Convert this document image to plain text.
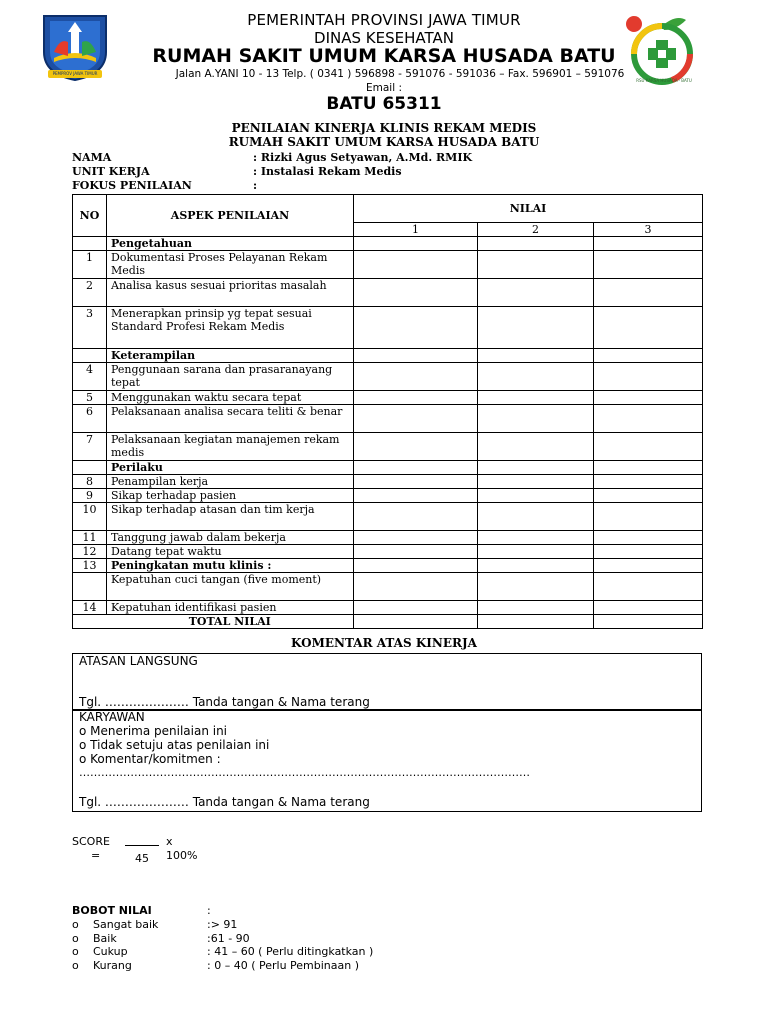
PEMPROV JAWA TIMUR
RSU KARSA HUSADA · BATU
PEMERINTAH PROVINSI JAWA TIMUR
DINAS KESEHATAN
RUMAH SAKIT UMUM KARSA HUSADA BATU
Jalan A.YANI 10 - 13 Telp. ( 0341 ) 596898 - 591076 - 591036 – Fax. 596901 – 591076
Email :
BATU 65311
PENILAIAN KINERJA KLINIS REKAM MEDIS
RUMAH SAKIT UMUM KARSA HUSADA BATU
NAMA	: Rizki Agus Setyawan, A.Md. RMIK
UNIT KERJA	: Instalasi Rekam Medis
FOKUS PENILAIAN	:
NO	ASPEK PENILAIAN	NILAI		
		1	2	3
	Pengetahuan			
1	Dokumentasi Proses Pelayanan Rekam Medis			
2	Analisa kasus sesuai prioritas masalah			
3	Menerapkan prinsip yg tepat sesuai Standard Profesi Rekam Medis			
	Keterampilan			
4	Penggunaan sarana dan prasaranayang tepat			
5	Menggunakan waktu secara tepat			
6	Pelaksanaan analisa secara teliti & benar			
7	Pelaksanaan kegiatan manajemen rekam medis			
	Perilaku			
8	Penampilan kerja			
9	Sikap terhadap pasien			
10	Sikap terhadap atasan dan tim kerja			
11	Tanggung jawab dalam bekerja			
12	Datang tepat waktu			
13	Peningkatan mutu klinis :			
	Kepatuhan cuci tangan (five moment)			
14	Kepatuhan identifikasi pasien			
	TOTAL NILAI			
KOMENTAR ATAS KINERJA
ATASAN LANGSUNG
Tgl. ………………… Tanda tangan & Nama terang
KARYAWAN
o Menerima penilaian ini
o Tidak setuju atas penilaian ini
o Komentar/komitmen :
……………………………………………………………………………………………………………
Tgl. ………………… Tanda tangan & Nama terang
SCORE	x
=	45 100%
BOBOT NILAI	:
o Sangat baik	:> 91
o Baik	:61 - 90
o Cukup	: 41 – 60 ( Perlu ditingkatkan )
o Kurang	: 0 – 40 ( Perlu Pembinaan )
